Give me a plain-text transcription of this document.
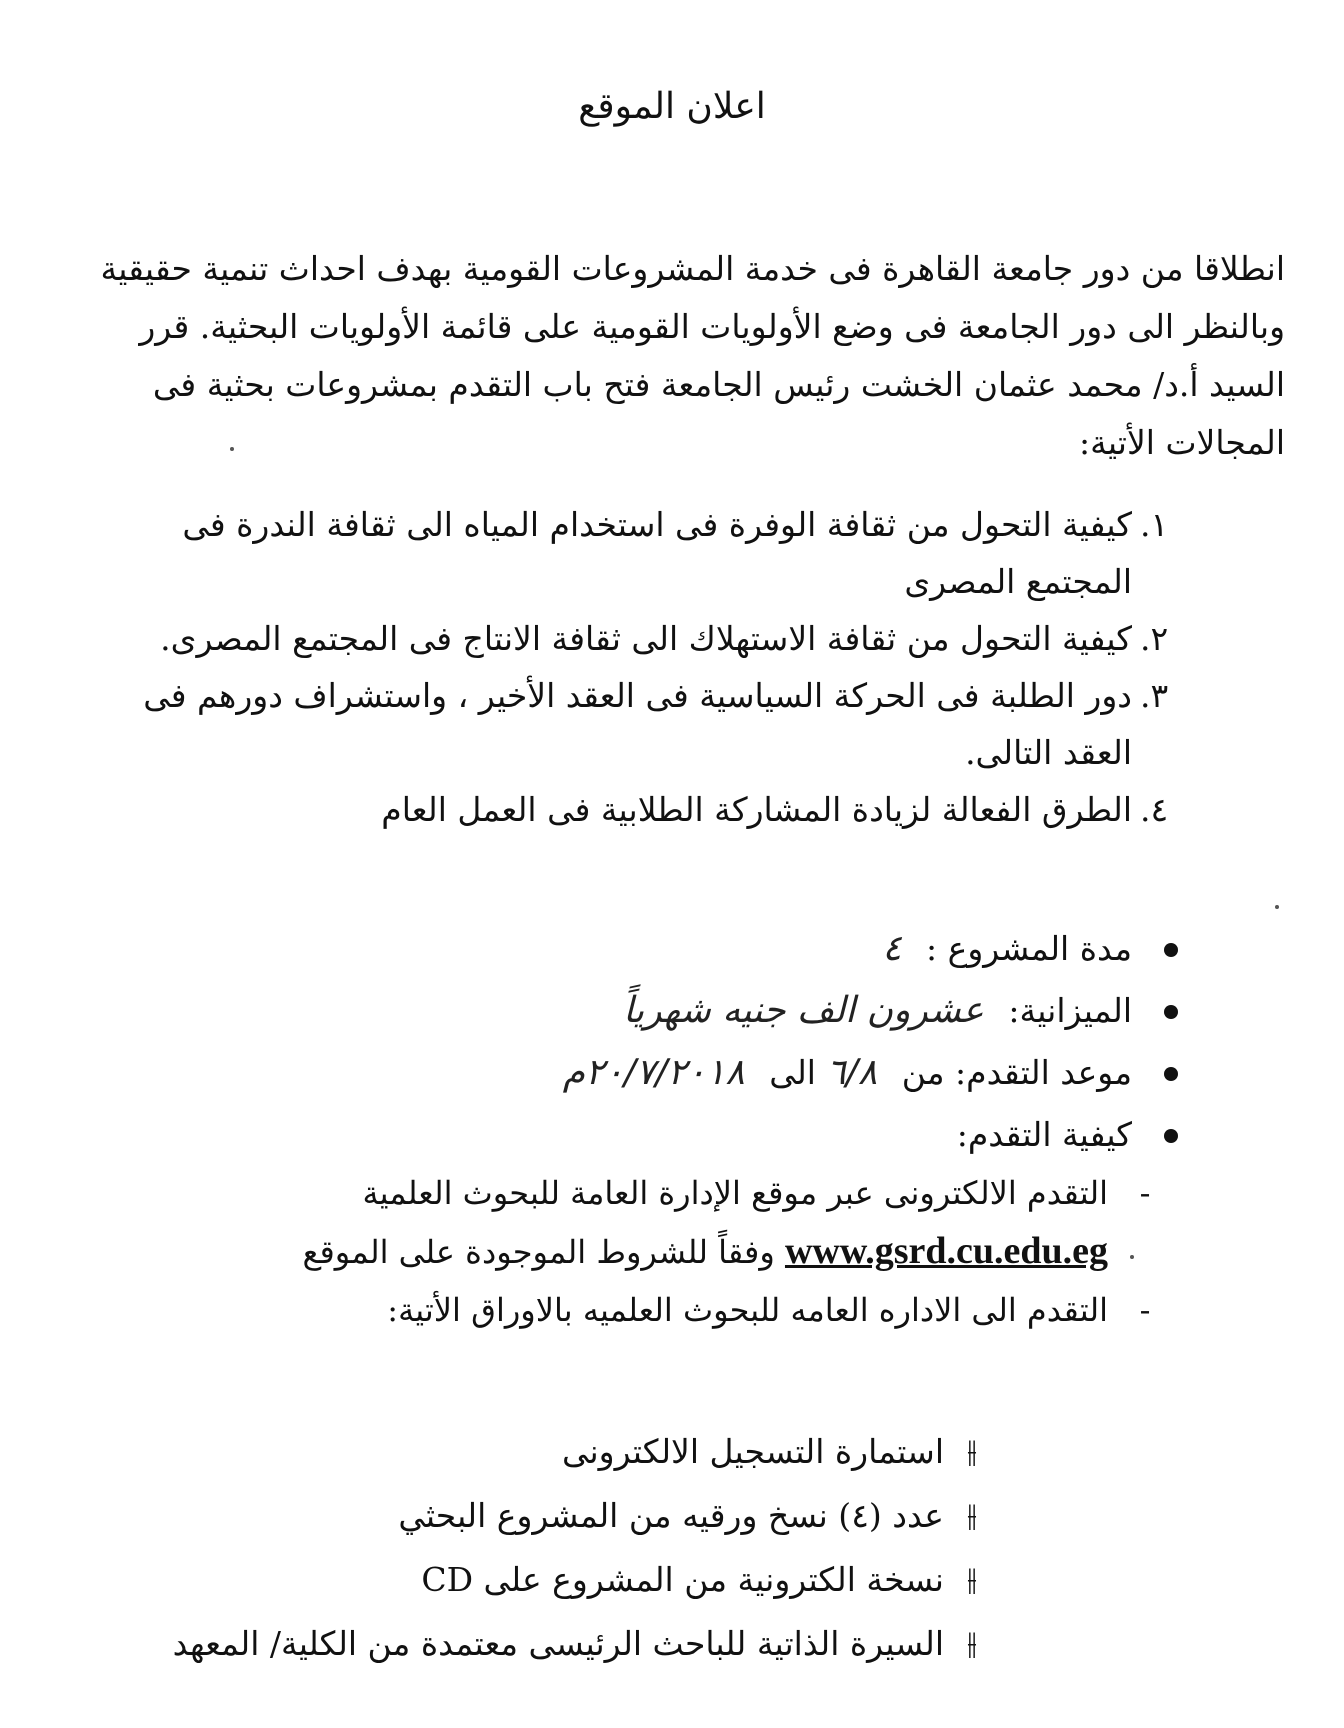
اعلان الموقع

انطلاقا من دور جامعة القاهرة فى خدمة المشروعات القومية بهدف احداث تنمية حقيقية

وبالنظر الى دور الجامعة فى وضع الأولويات القومية على قائمة الأولويات البحثية. قرر

السيد أ.د/ محمد عثمان الخشت رئيس الجامعة فتح باب التقدم بمشروعات بحثية فى

المجالات الأتية:

١.
كيفية التحول من ثقافة الوفرة فى استخدام المياه الى ثقافة الندرة فى المجتمع المصرى
٢.
كيفية التحول من ثقافة الاستهلاك الى ثقافة الانتاج فى المجتمع المصرى.
٣.
دور الطلبة فى الحركة السياسية فى العقد الأخير ، واستشراف دورهم فى العقد التالى.
٤.
الطرق الفعالة لزيادة المشاركة الطلابية فى العمل العام
مدة المشروع : ٤
الميزانية: عشرون الف جنيه شهرياً
موعد التقدم: من ٦/٨ الى ٢٠/٧/٢٠١٨م
كيفية التقدم:
-
التقدم الالكترونى عبر موقع الإدارة العامة للبحوث العلمية
www.gsrd.cu.edu.eg وفقاً للشروط الموجودة على الموقع
-
التقدم الى الاداره العامه للبحوث العلميه بالاوراق الأتية:
⫲
استمارة التسجيل الالكترونى
⫲
عدد (٤) نسخ ورقيه من المشروع البحثي
⫲
نسخة الكترونية من المشروع على CD
⫲
السيرة الذاتية للباحث الرئيسى معتمدة من الكلية/ المعهد
